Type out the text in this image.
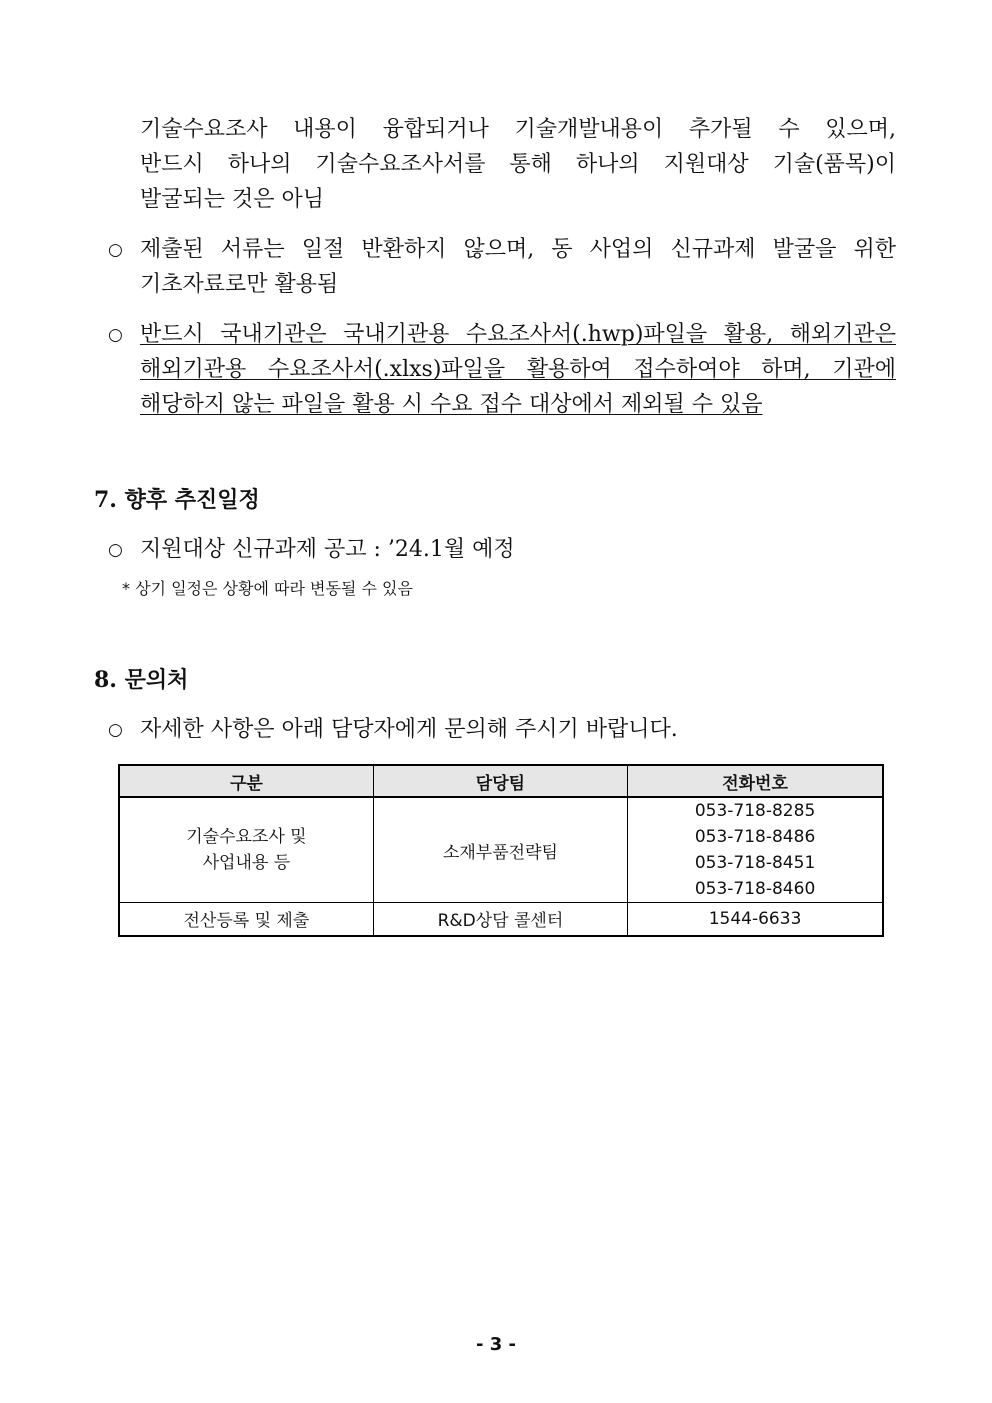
기술수요조사 내용이 융합되거나 기술개발내용이 추가될 수 있으며,
반드시 하나의 기술수요조사서를 통해 하나의 지원대상 기술(품목)이
발굴되는 것은 아님
○ 제출된 서류는 일절 반환하지 않으며, 동 사업의 신규과제 발굴을 위한
기초자료로만 활용됨
○ 반드시 국내기관은 국내기관용 수요조사서(.hwp)파일을 활용, 해외기관은
해외기관용 수요조사서(.xlxs)파일을 활용하여 접수하여야 하며, 기관에
해당하지 않는 파일을 활용 시 수요 접수 대상에서 제외될 수 있음
7. 향후 추진일정
○ 지원대상 신규과제 공고 : ’24.1월 예정
* 상기 일정은 상황에 따라 변동될 수 있음
8. 문의처
○ 자세한 사항은 아래 담당자에게 문의해 주시기 바랍니다.
구분	담당팀	전화번호

기술수요조사 및
사업내용 등	소재부품전략팀	053-718-8285
053-718-8486
053-718-8451
053-718-8460

전산등록 및 제출	R&D상담 콜센터	1544-6633
- 3 -
